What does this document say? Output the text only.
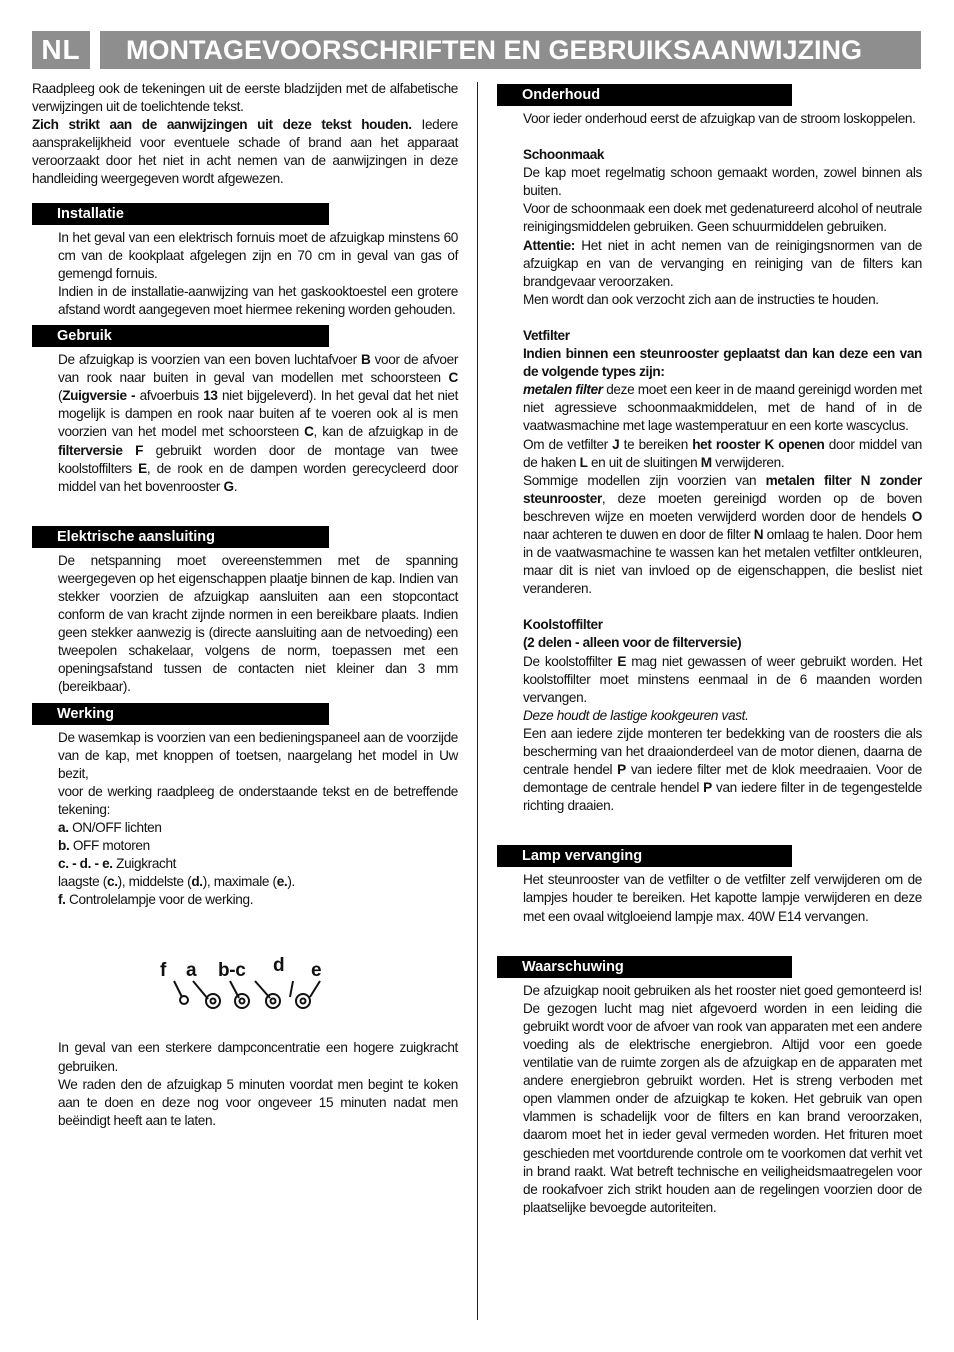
NL	MONTAGEVOORSCHRIFTEN EN GEBRUIKSAANWIJZING

Raadpleeg ook de tekeningen uit de eerste bladzijden met de alfabetische verwijzingen uit de toelichtende tekst.

Zich strikt aan de aanwijzingen uit deze tekst houden. Iedere aansprakelijkheid voor eventuele schade of brand aan het apparaat veroorzaakt door het niet in acht nemen van de aanwijzingen in deze handleiding weergegeven wordt afgewezen.

Installatie

In het geval van een elektrisch fornuis moet de afzuigkap minstens 60 cm van de kookplaat afgelegen zijn en 70 cm in geval van gas of gemengd fornuis.

Indien in de installatie-aanwijzing van het gaskooktoestel een grotere afstand wordt aangegeven moet hiermee rekening worden gehouden.

Gebruik

De afzuigkap is voorzien van een boven luchtafvoer B voor de afvoer van rook naar buiten in geval van modellen met schoorsteen C (Zuigversie - afvoerbuis 13 niet bijgeleverd). In het geval dat het niet mogelijk is dampen en rook naar buiten af te voeren ook al is men voorzien van het model met schoorsteen C, kan de afzuigkap in de filterversie F gebruikt worden door de montage van twee koolstoffilters E, de rook en de dampen worden gerecycleerd door middel van het bovenrooster G.

Elektrische aansluiting

De netspanning moet overeenstemmen met de spanning weergegeven op het eigenschappen plaatje binnen de kap. Indien van stekker voorzien de afzuigkap aansluiten aan een stopcontact conform de van kracht zijnde normen in een bereikbare plaats. Indien geen stekker aanwezig is (directe aansluiting aan de netvoeding) een tweepolen schakelaar, volgens de norm, toepassen met een openingsafstand tussen de contacten niet kleiner dan 3 mm (bereikbaar).

Werking

De wasemkap is voorzien van een bedieningspaneel aan de voorzijde van de kap, met knoppen of toetsen, naargelang het model in Uw bezit,

voor de werking raadpleeg de onderstaande tekst en de betreffende tekening:

a. ON/OFF lichten

b. OFF motoren

c. - d. - e. Zuigkracht

laagste (c.), middelste (d.), maximale (e.).

f. Controlelampje voor de werking.

f a b-c d e

In geval van een sterkere dampconcentratie een hogere zuigkracht gebruiken.

We raden den de afzuigkap 5 minuten voordat men begint te koken aan te doen en deze nog voor ongeveer 15 minuten nadat men beëindigt heeft aan te laten.

Onderhoud

Voor ieder onderhoud eerst de afzuigkap van de stroom loskoppelen.

Schoonmaak

De kap moet regelmatig schoon gemaakt worden, zowel binnen als buiten.

Voor de schoonmaak een doek met gedenatureerd alcohol of neutrale reinigingsmiddelen gebruiken. Geen schuurmiddelen gebruiken.

Attentie: Het niet in acht nemen van de reinigingsnormen van de afzuigkap en van de vervanging en reiniging van de filters kan brandgevaar veroorzaken.

Men wordt dan ook verzocht zich aan de instructies te houden.

Vetfilter

Indien binnen een steunrooster geplaatst dan kan deze een van de volgende types zijn:

metalen filter deze moet een keer in de maand gereinigd worden met niet agressieve schoonmaakmiddelen, met de hand of in de vaatwasmachine met lage wastemperatuur en een korte wascyclus.

Om de vetfilter J te bereiken het rooster K openen door middel van de haken L en uit de sluitingen M verwijderen.

Sommige modellen zijn voorzien van metalen filter N zonder steunrooster, deze moeten gereinigd worden op de boven beschreven wijze en moeten verwijderd worden door de hendels O naar achteren te duwen en door de filter N omlaag te halen. Door hem in de vaatwasmachine te wassen kan het metalen vetfilter ontkleuren, maar dit is niet van invloed op de eigenschappen, die beslist niet veranderen.

Koolstoffilter

(2 delen - alleen voor de filterversie)

De koolstoffilter E mag niet gewassen of weer gebruikt worden. Het koolstoffilter moet minstens eenmaal in de 6 maanden worden vervangen.

Deze houdt de lastige kookgeuren vast.

Een aan iedere zijde monteren ter bedekking van de roosters die als bescherming van het draaionderdeel van de motor dienen, daarna de centrale hendel P van iedere filter met de klok meedraaien. Voor de demontage de centrale hendel P van iedere filter in de tegengestelde richting draaien.

Lamp vervanging

Het steunrooster van de vetfilter o de vetfilter zelf verwijderen om de lampjes houder te bereiken. Het kapotte lampje verwijderen en deze met een ovaal witgloeiend lampje max. 40W E14 vervangen.

Waarschuwing

De afzuigkap nooit gebruiken als het rooster niet goed gemonteerd is! De gezogen lucht mag niet afgevoerd worden in een leiding die gebruikt wordt voor de afvoer van rook van apparaten met een andere voeding als de elektrische energiebron. Altijd voor een goede ventilatie van de ruimte zorgen als de afzuigkap en de apparaten met andere energiebron gebruikt worden. Het is streng verboden met open vlammen onder de afzuigkap te koken. Het gebruik van open vlammen is schadelijk voor de filters en kan brand veroorzaken, daarom moet het in ieder geval vermeden worden. Het frituren moet geschieden met voortdurende controle om te voorkomen dat verhit vet in brand raakt. Wat betreft technische en veiligheidsmaatregelen voor de rookafvoer zich strikt houden aan de regelingen voorzien door de plaatselijke bevoegde autoriteiten.
